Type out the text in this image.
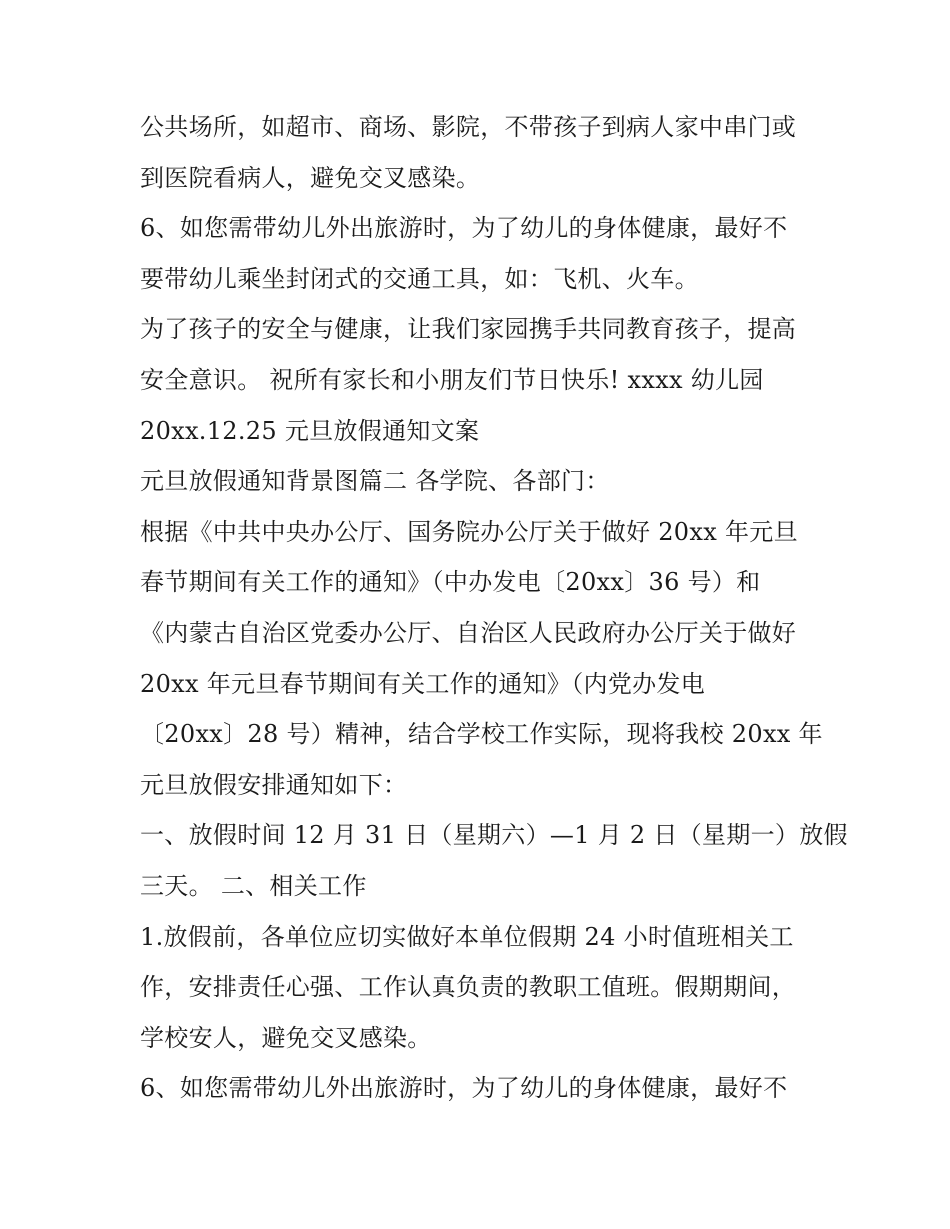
公共场所，如超市、商场、影院，不带孩子到病人家中串门或
到医院看病人，避免交叉感染。
6、如您需带幼儿外出旅游时，为了幼儿的身体健康，最好不
要带幼儿乘坐封闭式的交通工具，如：飞机、火车。
为了孩子的安全与健康，让我们家园携手共同教育孩子，提高
安全意识。 祝所有家长和小朋友们节日快乐! xxxx 幼儿园
20xx.12.25 元旦放假通知文案
元旦放假通知背景图篇二 各学院、各部门：
根据《中共中央办公厅、国务院办公厅关于做好 20xx 年元旦
春节期间有关工作的通知》（中办发电〔20xx〕36 号）和
《内蒙古自治区党委办公厅、自治区人民政府办公厅关于做好
20xx 年元旦春节期间有关工作的通知》（内党办发电
〔20xx〕28 号）精神，结合学校工作实际，现将我校 20xx 年
元旦放假安排通知如下：
一、放假时间 12 月 31 日（星期六）—1 月 2 日（星期一）放假
三天。 二、相关工作
1.放假前，各单位应切实做好本单位假期 24 小时值班相关工
作，安排责任心强、工作认真负责的教职工值班。假期期间，
学校安人，避免交叉感染。
6、如您需带幼儿外出旅游时，为了幼儿的身体健康，最好不
